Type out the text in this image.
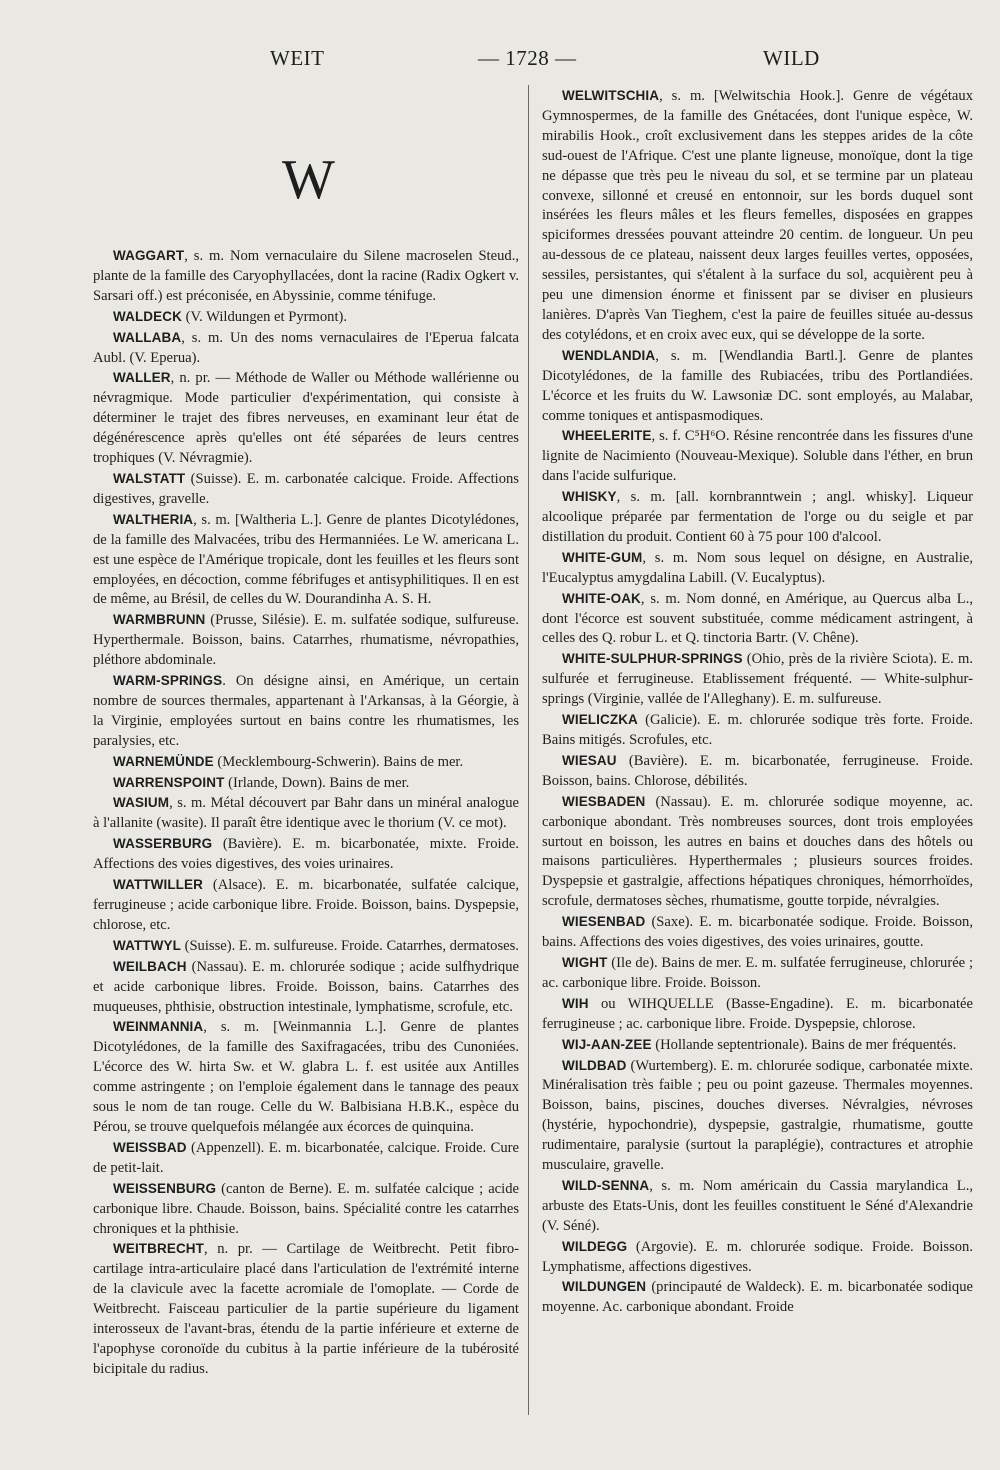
WEIT	— 1728 —	WILD
W

WAGGART, s. m. Nom vernaculaire du Silene macroselen Steud., plante de la famille des Caryophyllacées, dont la racine (Radix Ogkert v. Sarsari off.) est préconisée, en Abyssinie, comme ténifuge.

WALDECK (V. Wildungen et Pyrmont).

WALLABA, s. m. Un des noms vernaculaires de l'Eperua falcata Aubl. (V. Eperua).

WALLER, n. pr. — Méthode de Waller ou Méthode wallérienne ou névragmique. Mode particulier d'expérimentation, qui consiste à déterminer le trajet des fibres nerveuses, en examinant leur état de dégénérescence après qu'elles ont été séparées de leurs centres trophiques (V. Névragmie).

WALSTATT (Suisse). E. m. carbonatée calcique. Froide. Affections digestives, gravelle.

WALTHERIA, s. m. [Waltheria L.]. Genre de plantes Dicotylédones, de la famille des Malvacées, tribu des Hermanniées. Le W. americana L. est une espèce de l'Amérique tropicale, dont les feuilles et les fleurs sont employées, en décoction, comme fébrifuges et antisyphilitiques. Il en est de même, au Brésil, de celles du W. Dourandinha A. S. H.

WARMBRUNN (Prusse, Silésie). E. m. sulfatée sodique, sulfureuse. Hyperthermale. Boisson, bains. Catarrhes, rhumatisme, névropathies, pléthore abdominale.

WARM-SPRINGS. On désigne ainsi, en Amérique, un certain nombre de sources thermales, appartenant à l'Arkansas, à la Géorgie, à la Virginie, employées surtout en bains contre les rhumatismes, les paralysies, etc.

WARNEMÜNDE (Mecklembourg-Schwerin). Bains de mer.

WARRENSPOINT (Irlande, Down). Bains de mer.

WASIUM, s. m. Métal découvert par Bahr dans un minéral analogue à l'allanite (wasite). Il paraît être identique avec le thorium (V. ce mot).

WASSERBURG (Bavière). E. m. bicarbonatée, mixte. Froide. Affections des voies digestives, des voies urinaires.

WATTWILLER (Alsace). E. m. bicarbonatée, sulfatée calcique, ferrugineuse ; acide carbonique libre. Froide. Boisson, bains. Dyspepsie, chlorose, etc.

WATTWYL (Suisse). E. m. sulfureuse. Froide. Catarrhes, dermatoses.

WEILBACH (Nassau). E. m. chlorurée sodique ; acide sulfhydrique et acide carbonique libres. Froide. Boisson, bains. Catarrhes des muqueuses, phthisie, obstruction intestinale, lymphatisme, scrofule, etc.

WEINMANNIA, s. m. [Weinmannia L.]. Genre de plantes Dicotylédones, de la famille des Saxifragacées, tribu des Cunoniées. L'écorce des W. hirta Sw. et W. glabra L. f. est usitée aux Antilles comme astringente ; on l'emploie également dans le tannage des peaux sous le nom de tan rouge. Celle du W. Balbisiana H.B.K., espèce du Pérou, se trouve quelquefois mélangée aux écorces de quinquina.

WEISSBAD (Appenzell). E. m. bicarbonatée, calcique. Froide. Cure de petit-lait.

WEISSENBURG (canton de Berne). E. m. sulfatée calcique ; acide carbonique libre. Chaude. Boisson, bains. Spécialité contre les catarrhes chroniques et la phthisie.

WEITBRECHT, n. pr. — Cartilage de Weitbrecht. Petit fibro-cartilage intra-articulaire placé dans l'articulation de l'extrémité interne de la clavicule avec la facette acromiale de l'omoplate. — Corde de Weitbrecht. Faisceau particulier de la partie supérieure du ligament interosseux de l'avant-bras, étendu de la partie inférieure et externe de l'apophyse coronoïde du cubitus à la partie inférieure de la tubérosité bicipitale du radius.

WELWITSCHIA, s. m. [Welwitschia Hook.]. Genre de végétaux Gymnospermes, de la famille des Gnétacées, dont l'unique espèce, W. mirabilis Hook., croît exclusivement dans les steppes arides de la côte sud-ouest de l'Afrique. C'est une plante ligneuse, monoïque, dont la tige ne dépasse que très peu le niveau du sol, et se termine par un plateau convexe, sillonné et creusé en entonnoir, sur les bords duquel sont insérées les fleurs mâles et les fleurs femelles, disposées en grappes spiciformes dressées pouvant atteindre 20 centim. de longueur. Un peu au-dessous de ce plateau, naissent deux larges feuilles vertes, opposées, sessiles, persistantes, qui s'étalent à la surface du sol, acquièrent peu à peu une dimension énorme et finissent par se diviser en plusieurs lanières. D'après Van Tieghem, c'est la paire de feuilles située au-dessus des cotylédons, et en croix avec eux, qui se développe de la sorte.

WENDLANDIA, s. m. [Wendlandia Bartl.]. Genre de plantes Dicotylédones, de la famille des Rubiacées, tribu des Portlandiées. L'écorce et les fruits du W. Lawsoniæ DC. sont employés, au Malabar, comme toniques et antispasmodiques.

WHEELERITE, s. f. C⁵H⁶O. Résine rencontrée dans les fissures d'une lignite de Nacimiento (Nouveau-Mexique). Soluble dans l'éther, en brun dans l'acide sulfurique.

WHISKY, s. m. [all. kornbranntwein ; angl. whisky]. Liqueur alcoolique préparée par fermentation de l'orge ou du seigle et par distillation du produit. Contient 60 à 75 pour 100 d'alcool.

WHITE-GUM, s. m. Nom sous lequel on désigne, en Australie, l'Eucalyptus amygdalina Labill. (V. Eucalyptus).

WHITE-OAK, s. m. Nom donné, en Amérique, au Quercus alba L., dont l'écorce est souvent substituée, comme médicament astringent, à celles des Q. robur L. et Q. tinctoria Bartr. (V. Chêne).

WHITE-SULPHUR-SPRINGS (Ohio, près de la rivière Sciota). E. m. sulfurée et ferrugineuse. Etablissement fréquenté. — White-sulphur-springs (Virginie, vallée de l'Alleghany). E. m. sulfureuse.

WIELICZKA (Galicie). E. m. chlorurée sodique très forte. Froide. Bains mitigés. Scrofules, etc.

WIESAU (Bavière). E. m. bicarbonatée, ferrugineuse. Froide. Boisson, bains. Chlorose, débilités.

WIESBADEN (Nassau). E. m. chlorurée sodique moyenne, ac. carbonique abondant. Très nombreuses sources, dont trois employées surtout en boisson, les autres en bains et douches dans des hôtels ou maisons particulières. Hyperthermales ; plusieurs sources froides. Dyspepsie et gastralgie, affections hépatiques chroniques, hémorrhoïdes, scrofule, dermatoses sèches, rhumatisme, goutte torpide, névralgies.

WIESENBAD (Saxe). E. m. bicarbonatée sodique. Froide. Boisson, bains. Affections des voies digestives, des voies urinaires, goutte.

WIGHT (Ile de). Bains de mer. E. m. sulfatée ferrugineuse, chlorurée ; ac. carbonique libre. Froide. Boisson.

WIH ou WIHQUELLE (Basse-Engadine). E. m. bicarbonatée ferrugineuse ; ac. carbonique libre. Froide. Dyspepsie, chlorose.

WIJ-AAN-ZEE (Hollande septentrionale). Bains de mer fréquentés.

WILDBAD (Wurtemberg). E. m. chlorurée sodique, carbonatée mixte. Minéralisation très faible ; peu ou point gazeuse. Thermales moyennes. Boisson, bains, piscines, douches diverses. Névralgies, névroses (hystérie, hypochondrie), dyspepsie, gastralgie, rhumatisme, goutte rudimentaire, paralysie (surtout la paraplégie), contractures et atrophie musculaire, gravelle.

WILD-SENNA, s. m. Nom américain du Cassia marylandica L., arbuste des Etats-Unis, dont les feuilles constituent le Séné d'Alexandrie (V. Séné).

WILDEGG (Argovie). E. m. chlorurée sodique. Froide. Boisson. Lymphatisme, affections digestives.

WILDUNGEN (principauté de Waldeck). E. m. bicarbonatée sodique moyenne. Ac. carbonique abondant. Froide
